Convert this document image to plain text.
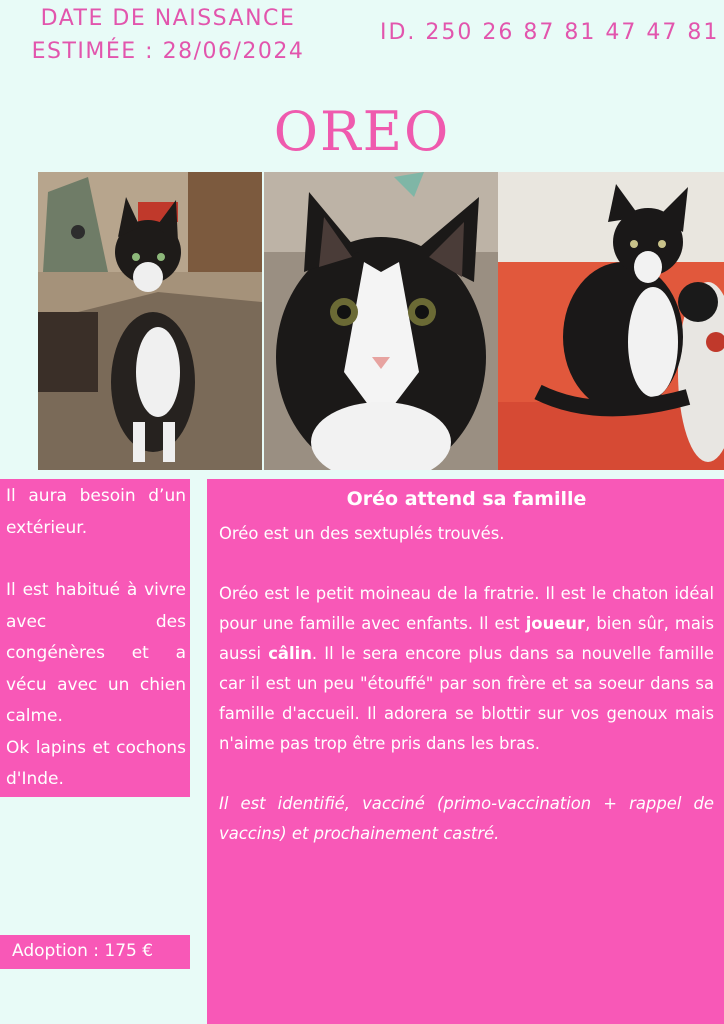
DATE DE NAISSANCE
ESTIMÉE : 28/06/2024
ID. 250 26 87 81 47 47 81
OREO

Il aura besoin d’un extérieur.

Il est habitué à vivre avec des congénères et a vécu avec un chien calme.

Ok lapins et cochons d'Inde.

Adoption : 175 €
Oréo attend sa famille

Oréo est un des sextuplés trouvés.

Oréo est le petit moineau de la fratrie. Il est le chaton idéal pour une famille avec enfants. Il est joueur, bien sûr, mais aussi câlin. Il le sera encore plus dans sa nouvelle famille car il est un peu "étouffé" par son frère et sa soeur dans sa famille d'accueil. Il adorera se blottir sur vos genoux mais n'aime pas trop être pris dans les bras.

Il est identifié, vacciné (primo-vaccination + rappel de vaccins) et prochainement castré.
